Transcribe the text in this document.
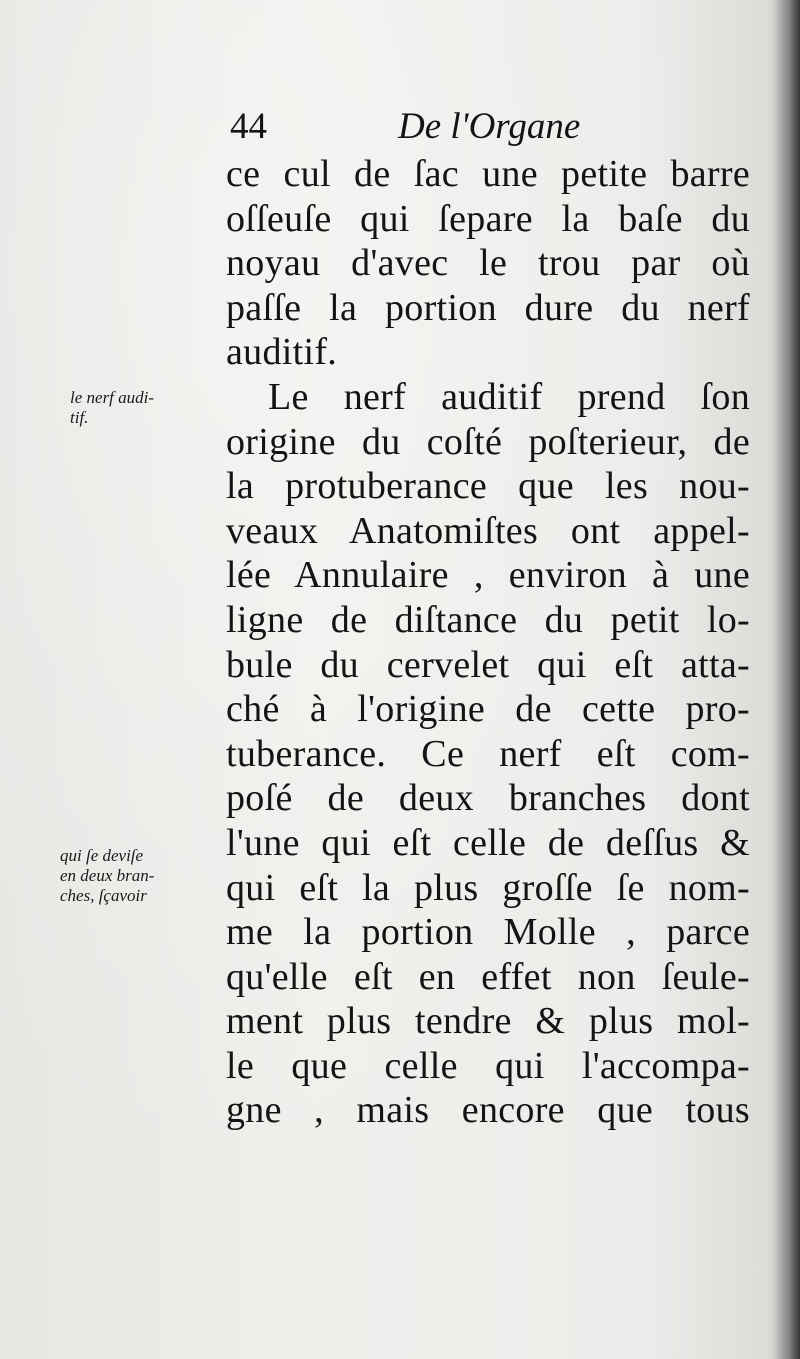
44	De l'Organe
ce cul de ſac une petite barre
oſſeuſe qui ſepare la baſe du
noyau d'avec le trou par où
paſſe la portion dure du nerf
auditif.
Le nerf auditif prend ſon
origine du coſté poſterieur, de
la protuberance que les nou-
veaux Anatomiſtes ont appel-
lée Annulaire , environ à une
ligne de diſtance du petit lo-
bule du cervelet qui eſt atta-
ché à l'origine de cette pro-
tuberance. Ce nerf eſt com-
poſé de deux branches dont
l'une qui eſt celle de deſſus &
qui eſt la plus groſſe ſe nom-
me la portion Molle , parce
qu'elle eſt en effet non ſeule-
ment plus tendre & plus mol-
le que celle qui l'accompa-
gne , mais encore que tous
le nerf audi-
tif.
qui ſe deviſe
en deux bran-
ches, ſçavoir
